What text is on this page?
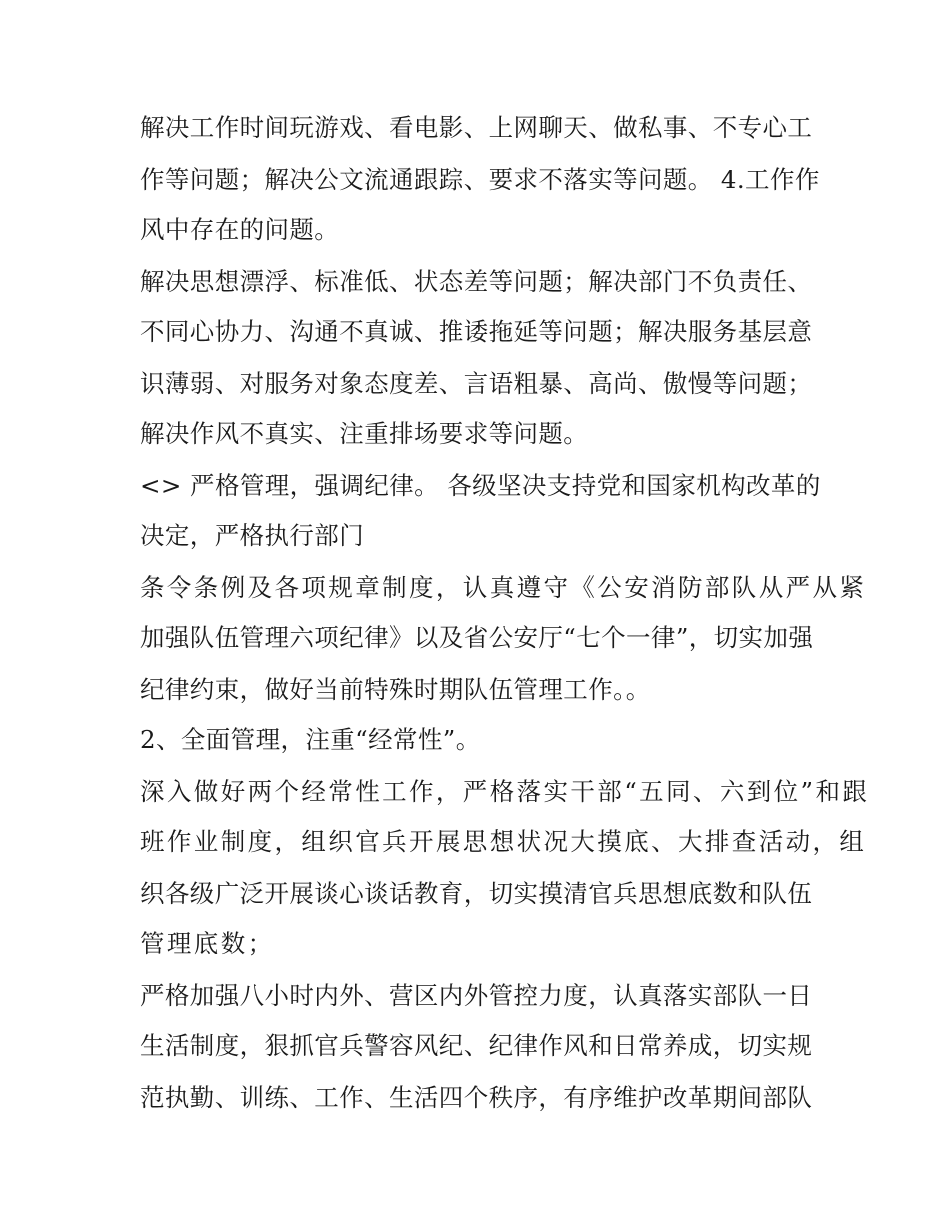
解决工作时间玩游戏、看电影、上网聊天、做私事、不专心工
作等问题；解决公文流通跟踪、要求不落实等问题。 4.工作作
风中存在的问题。
解决思想漂浮、标准低、状态差等问题；解决部门不负责任、
不同心协力、沟通不真诚、推诿拖延等问题；解决服务基层意
识薄弱、对服务对象态度差、言语粗暴、高尚、傲慢等问题；
解决作风不真实、注重排场要求等问题。
<> 严格管理，强调纪律。 各级坚决支持党和国家机构改革的
决定，严格执行部门
条令条例及各项规章制度，认真遵守《公安消防部队从严从紧
加强队伍管理六项纪律》以及省公安厅“七个一律”，切实加强
纪律约束，做好当前特殊时期队伍管理工作。。
2、全面管理，注重“经常性”。
深入做好两个经常性工作，严格落实干部“五同、六到位”和跟
班作业制度，组织官兵开展思想状况大摸底、大排查活动，组
织各级广泛开展谈心谈话教育，切实摸清官兵思想底数和队伍
管理底数；
严格加强八小时内外、营区内外管控力度，认真落实部队一日
生活制度，狠抓官兵警容风纪、纪律作风和日常养成，切实规
范执勤、训练、工作、生活四个秩序，有序维护改革期间部队
